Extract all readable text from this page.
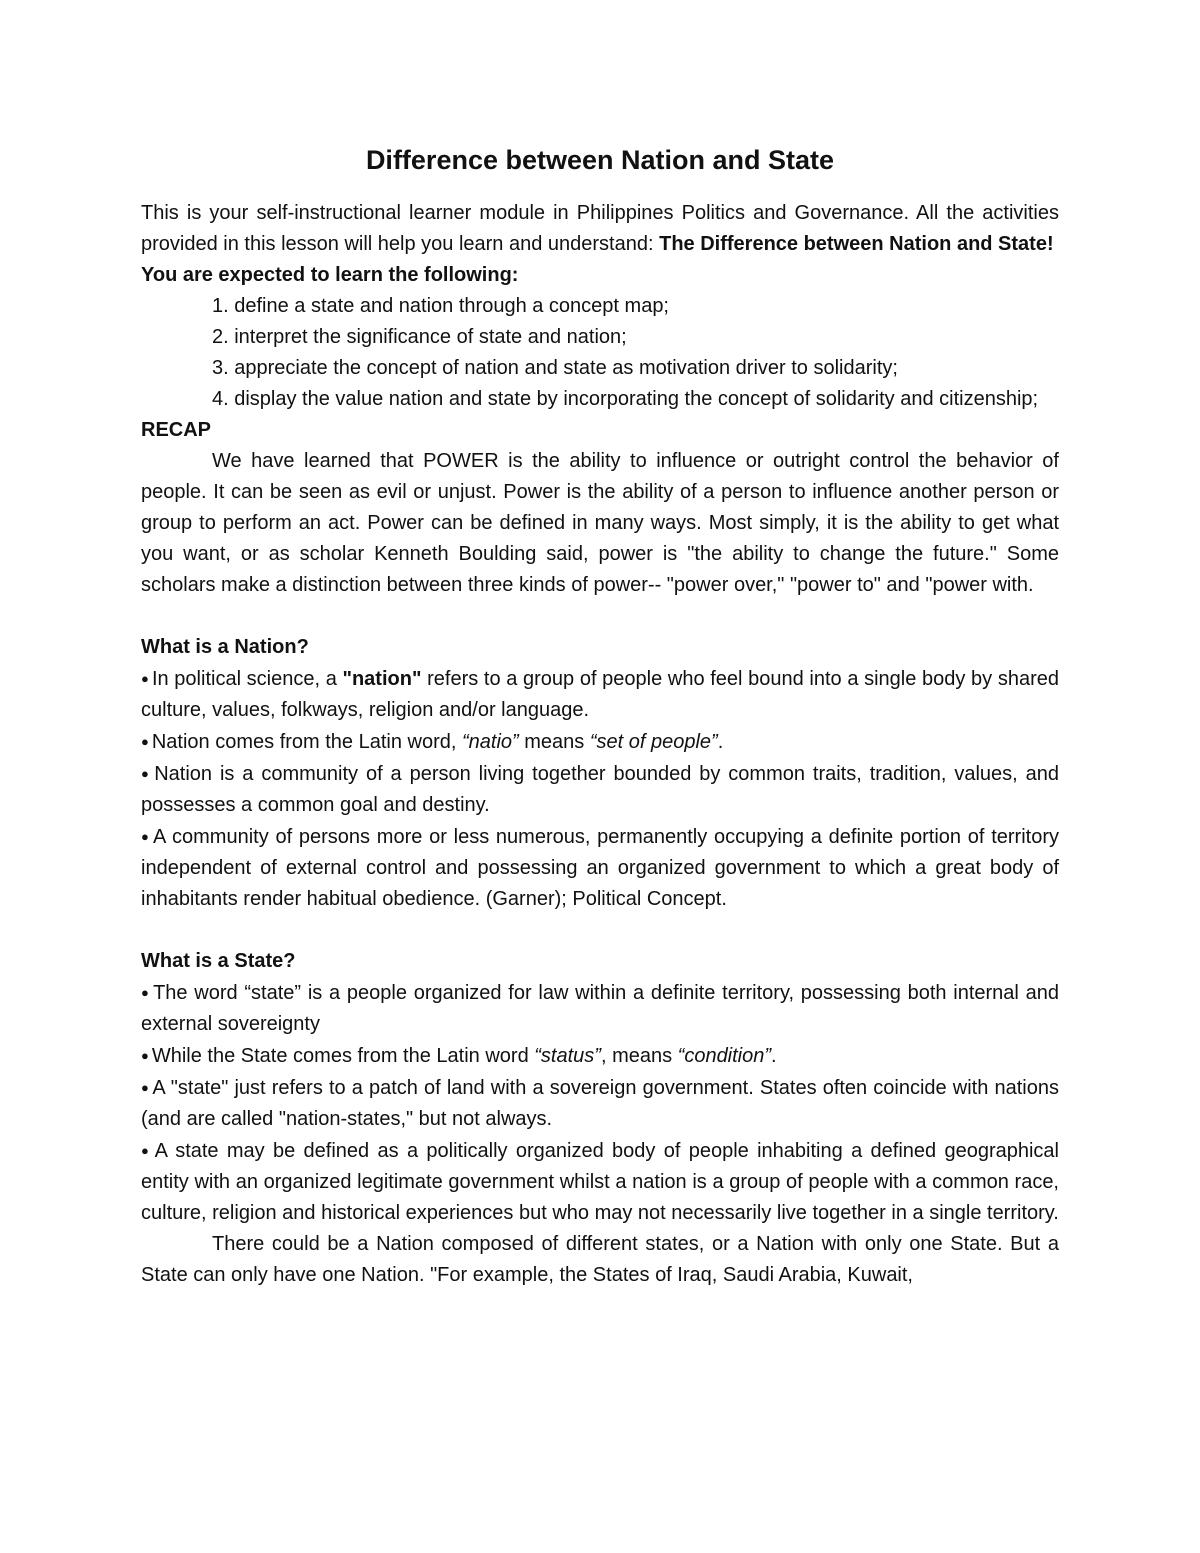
Difference between Nation and State

This is your self-instructional learner module in Philippines Politics and Governance. All the activities provided in this lesson will help you learn and understand: The Difference between Nation and State!

You are expected to learn the following:

1. define a state and nation through a concept map;
2. interpret the significance of state and nation;
3. appreciate the concept of nation and state as motivation driver to solidarity;
4. display the value nation and state by incorporating the concept of solidarity and citizenship;

RECAP

We have learned that POWER is the ability to influence or outright control the behavior of people. It can be seen as evil or unjust. Power is the ability of a person to influence another person or group to perform an act. Power can be defined in many ways. Most simply, it is the ability to get what you want, or as scholar Kenneth Boulding said, power is "the ability to change the future." Some scholars make a distinction between three kinds of power-- "power over," "power to" and "power with.

What is a Nation?

● In political science, a "nation" refers to a group of people who feel bound into a single body by shared culture, values, folkways, religion and/or language.

● Nation comes from the Latin word, “natio” means “set of people”.

● Nation is a community of a person living together bounded by common traits, tradition, values, and possesses a common goal and destiny.

● A community of persons more or less numerous, permanently occupying a definite portion of territory independent of external control and possessing an organized government to which a great body of inhabitants render habitual obedience. (Garner); Political Concept.

What is a State?

● The word “state” is a people organized for law within a definite territory, possessing both internal and external sovereignty

● While the State comes from the Latin word “status”, means “condition”.

● A "state" just refers to a patch of land with a sovereign government. States often coincide with nations (and are called "nation-states," but not always.

● A state may be defined as a politically organized body of people inhabiting a defined geographical entity with an organized legitimate government whilst a nation is a group of people with a common race, culture, religion and historical experiences but who may not necessarily live together in a single territory.

There could be a Nation composed of different states, or a Nation with only one State. But a State can only have one Nation. "For example, the States of Iraq, Saudi Arabia, Kuwait,
